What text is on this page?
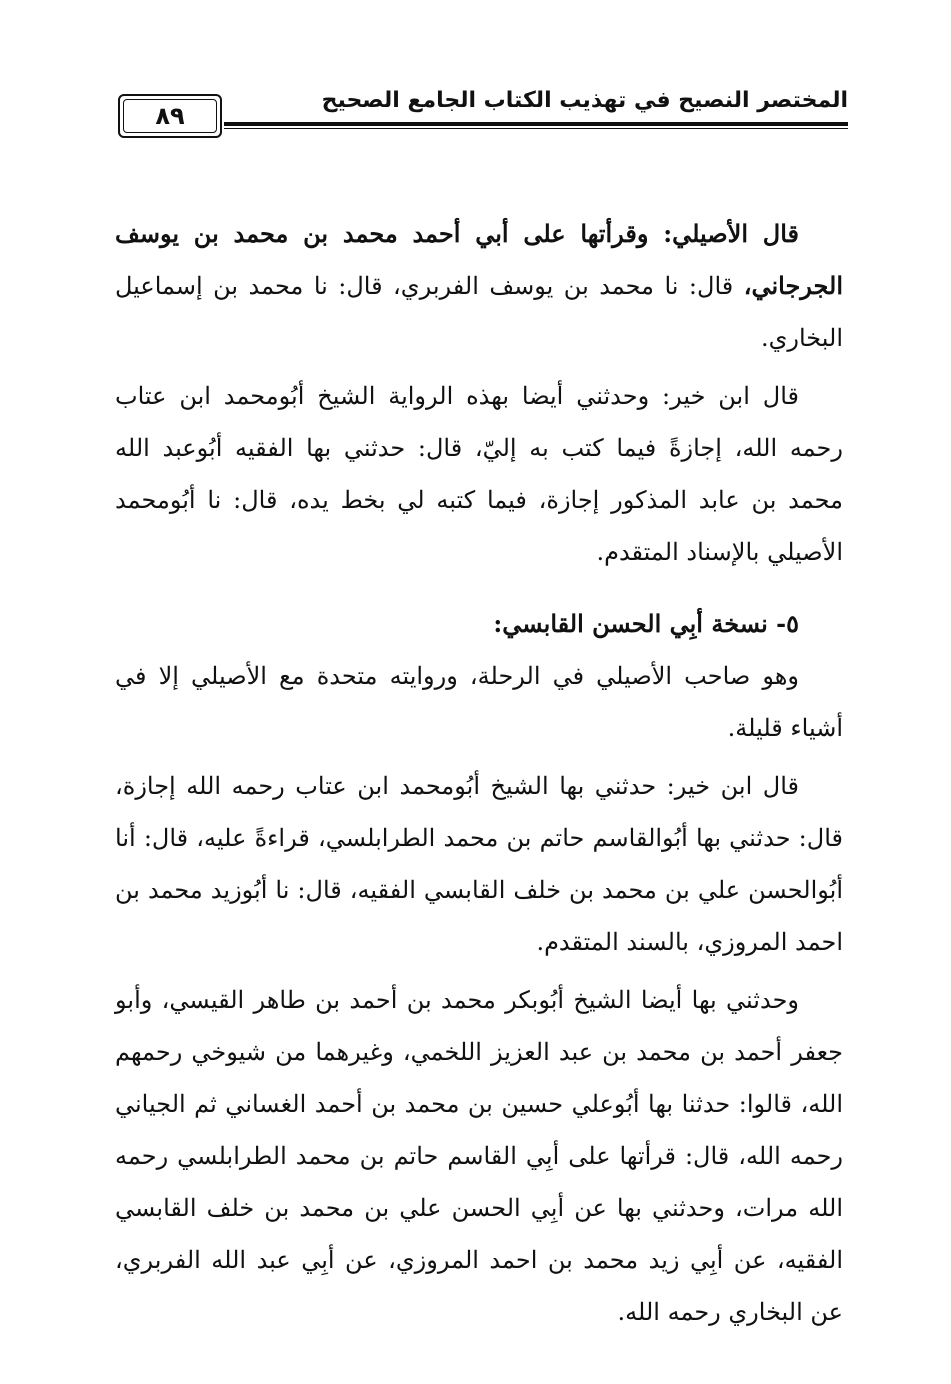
المختصر النصيح في تهذيب الكتاب الجامع الصحيح
٨٩

قال الأصيلي: وقرأتها على أبي أحمد محمد بن محمد بن يوسف الجرجاني، قال: نا محمد بن يوسف الفربري، قال: نا محمد بن إسماعيل البخاري.

قال ابن خير: وحدثني أيضا بهذه الرواية الشيخ أبُومحمد ابن عتاب رحمه الله، إجازةً فيما كتب به إليّ، قال: حدثني بها الفقيه أبُوعبد الله محمد بن عابد المذكور إجازة، فيما كتبه لي بخط يده، قال: نا أبُومحمد الأصيلي بالإسناد المتقدم.

٥- نسخة أبِي الحسن القابسي:

وهو صاحب الأصيلي في الرحلة، وروايته متحدة مع الأصيلي إلا في أشياء قليلة.

قال ابن خير: حدثني بها الشيخ أبُومحمد ابن عتاب رحمه الله إجازة، قال: حدثني بها أبُوالقاسم حاتم بن محمد الطرابلسي، قراءةً عليه، قال: أنا أبُوالحسن علي بن محمد بن خلف القابسي الفقيه، قال: نا أبُوزيد محمد بن احمد المروزي، بالسند المتقدم.

وحدثني بها أيضا الشيخ أبُوبكر محمد بن أحمد بن طاهر القيسي، وأبو جعفر أحمد بن محمد بن عبد العزيز اللخمي، وغيرهما من شيوخي رحمهم الله، قالوا: حدثنا بها أبُوعلي حسين بن محمد بن أحمد الغساني ثم الجياني رحمه الله، قال: قرأتها على أبِي القاسم حاتم بن محمد الطرابلسي رحمه الله مرات، وحدثني بها عن أبِي الحسن علي بن محمد بن خلف القابسي الفقيه، عن أبِي زيد محمد بن احمد المروزي، عن أبِي عبد الله الفربري، عن البخاري رحمه الله.
